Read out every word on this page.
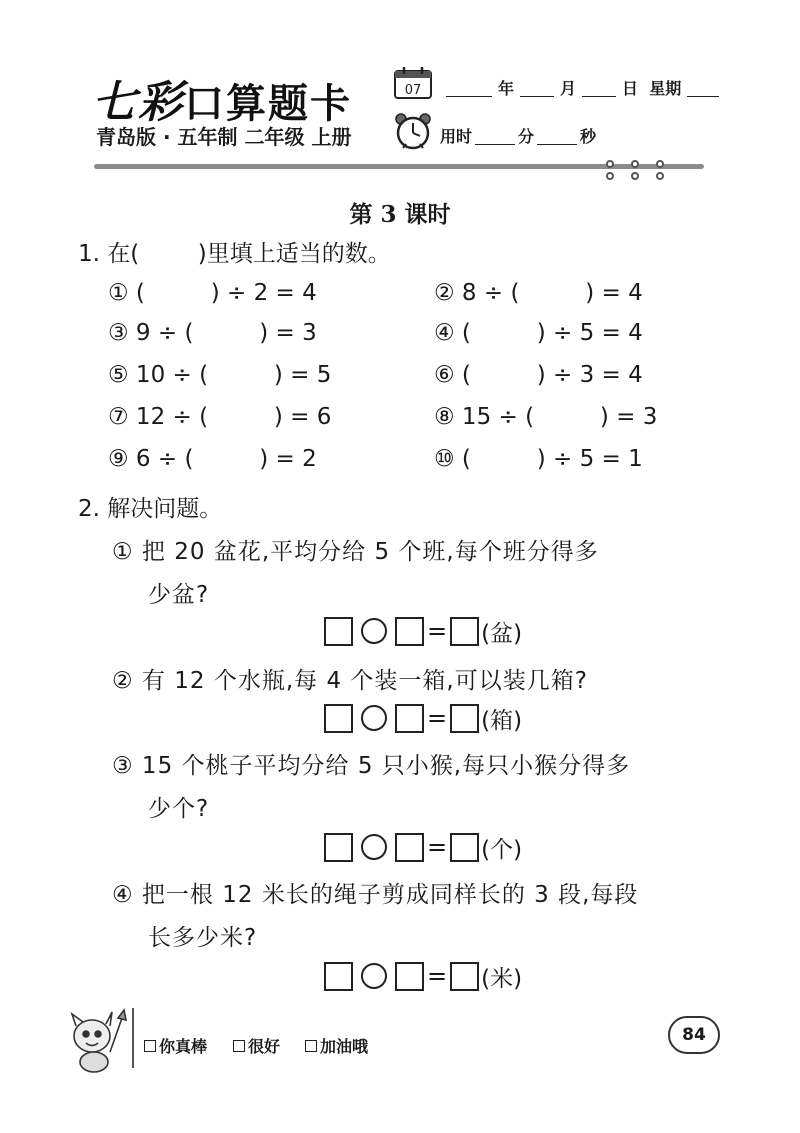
七彩口算题卡
青岛版 · 五年制 二年级 上册
07	年	月	日 星期
用时	分	秒
第 3 课时
1. 在(        )里填上适当的数。
① (         ) ÷ 2 = 4	② 8 ÷ (         ) = 4
③ 9 ÷ (         ) = 3	④ (         ) ÷ 5 = 4
⑤ 10 ÷ (         ) = 5	⑥ (         ) ÷ 3 = 4
⑦ 12 ÷ (         ) = 6	⑧ 15 ÷ (         ) = 3
⑨ 6 ÷ (         ) = 2	⑩ (         ) ÷ 5 = 1
2. 解决问题。
① 把 20 盆花,平均分给 5 个班,每个班分得多
少盆?
= (盆)
② 有 12 个水瓶,每 4 个装一箱,可以装几箱?
= (箱)
③ 15 个桃子平均分给 5 只小猴,每只小猴分得多
少个?
= (个)
④ 把一根 12 米长的绳子剪成同样长的 3 段,每段
长多少米?
= (米)
你真棒	很好 加油哦
84
